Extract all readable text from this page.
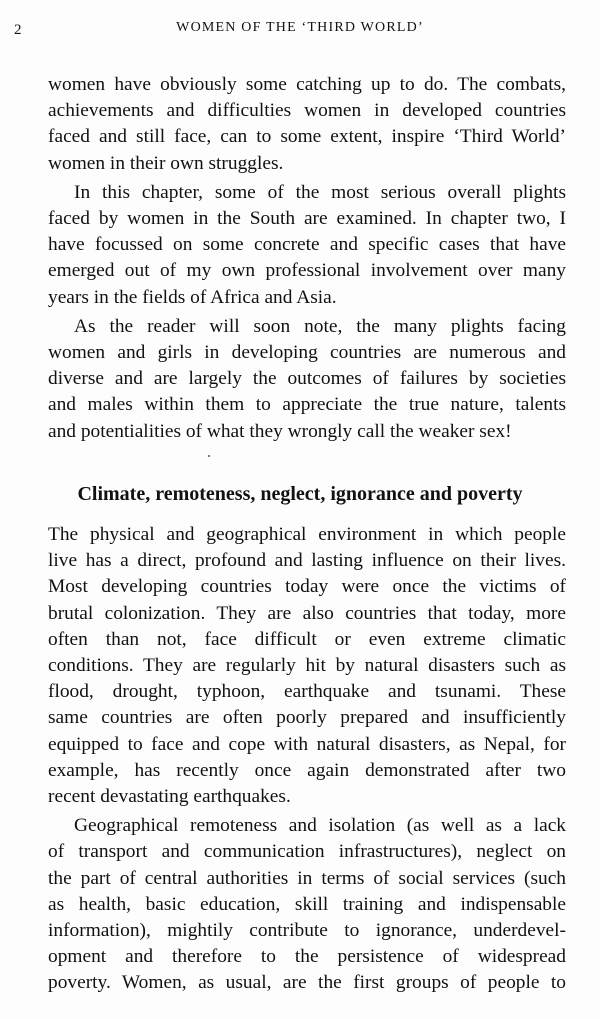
2	WOMEN OF THE ‘THIRD WORLD’
women have obviously some catching up to do. The combats,
achievements and difficulties women in developed countries
faced and still face, can to some extent, inspire ‘Third World’
women in their own struggles.
In this chapter, some of the most serious overall plights
faced by women in the South are examined. In chapter two, I
have focussed on some concrete and specific cases that have
emerged out of my own professional involvement over many
years in the fields of Africa and Asia.
As the reader will soon note, the many plights facing
women and girls in developing countries are numerous and
diverse and are largely the outcomes of failures by societies
and males within them to appreciate the true nature, talents
and potentialities of what they wrongly call the weaker sex!
Climate, remoteness, neglect, ignorance and poverty
The physical and geographical environment in which people
live has a direct, profound and lasting influence on their lives.
Most developing countries today were once the victims of
brutal colonization. They are also countries that today, more
often than not, face difficult or even extreme climatic
conditions. They are regularly hit by natural disasters such as
flood, drought, typhoon, earthquake and tsunami. These
same countries are often poorly prepared and insufficiently
equipped to face and cope with natural disasters, as Nepal, for
example, has recently once again demonstrated after two
recent devastating earthquakes.
Geographical remoteness and isolation (as well as a lack
of transport and communication infrastructures), neglect on
the part of central authorities in terms of social services (such
as health, basic education, skill training and indispensable
information), mightily contribute to ignorance, underdevel-
opment and therefore to the persistence of widespread
poverty. Women, as usual, are the first groups of people to
